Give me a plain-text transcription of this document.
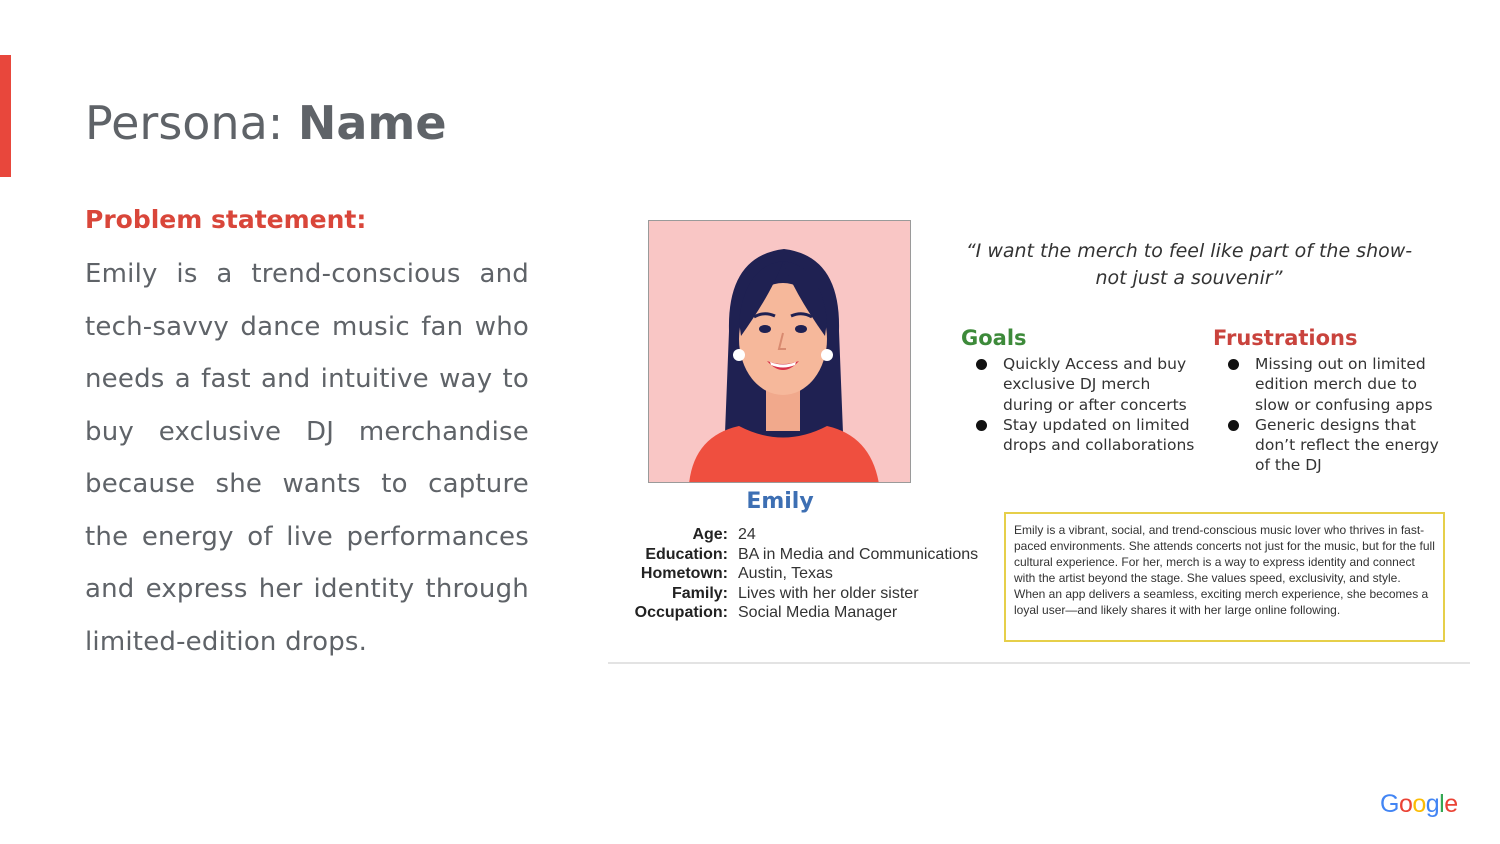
Persona: Name
Problem statement:

Emily is a trend-conscious and tech-savvy dance music fan who needs a fast and intuitive way to buy exclusive DJ merchandise because she wants to capture the energy of live performances and express her identity through limited-edition drops.

Emily
Age: 24
Education: BA in Media and Communications
Hometown: Austin, Texas
Family: Lives with her older sister
Occupation: Social Media Manager

“I want the merch to feel like part of the show- not just a souvenir”

Goals
Quickly Access and buy exclusive DJ merch during or after concerts
Stay updated on limited drops and collaborations
Frustrations
Missing out on limited edition merch due to slow or confusing apps
Generic designs that don’t reflect the energy of the DJ
Emily is a vibrant, social, and trend-conscious music lover who thrives in fast-paced environments. She attends concerts not just for the music, but for the full cultural experience. For her, merch is a way to express identity and connect with the artist beyond the stage. She values speed, exclusivity, and style. When an app delivers a seamless, exciting merch experience, she becomes a loyal user—and likely shares it with her large online following.
Google
